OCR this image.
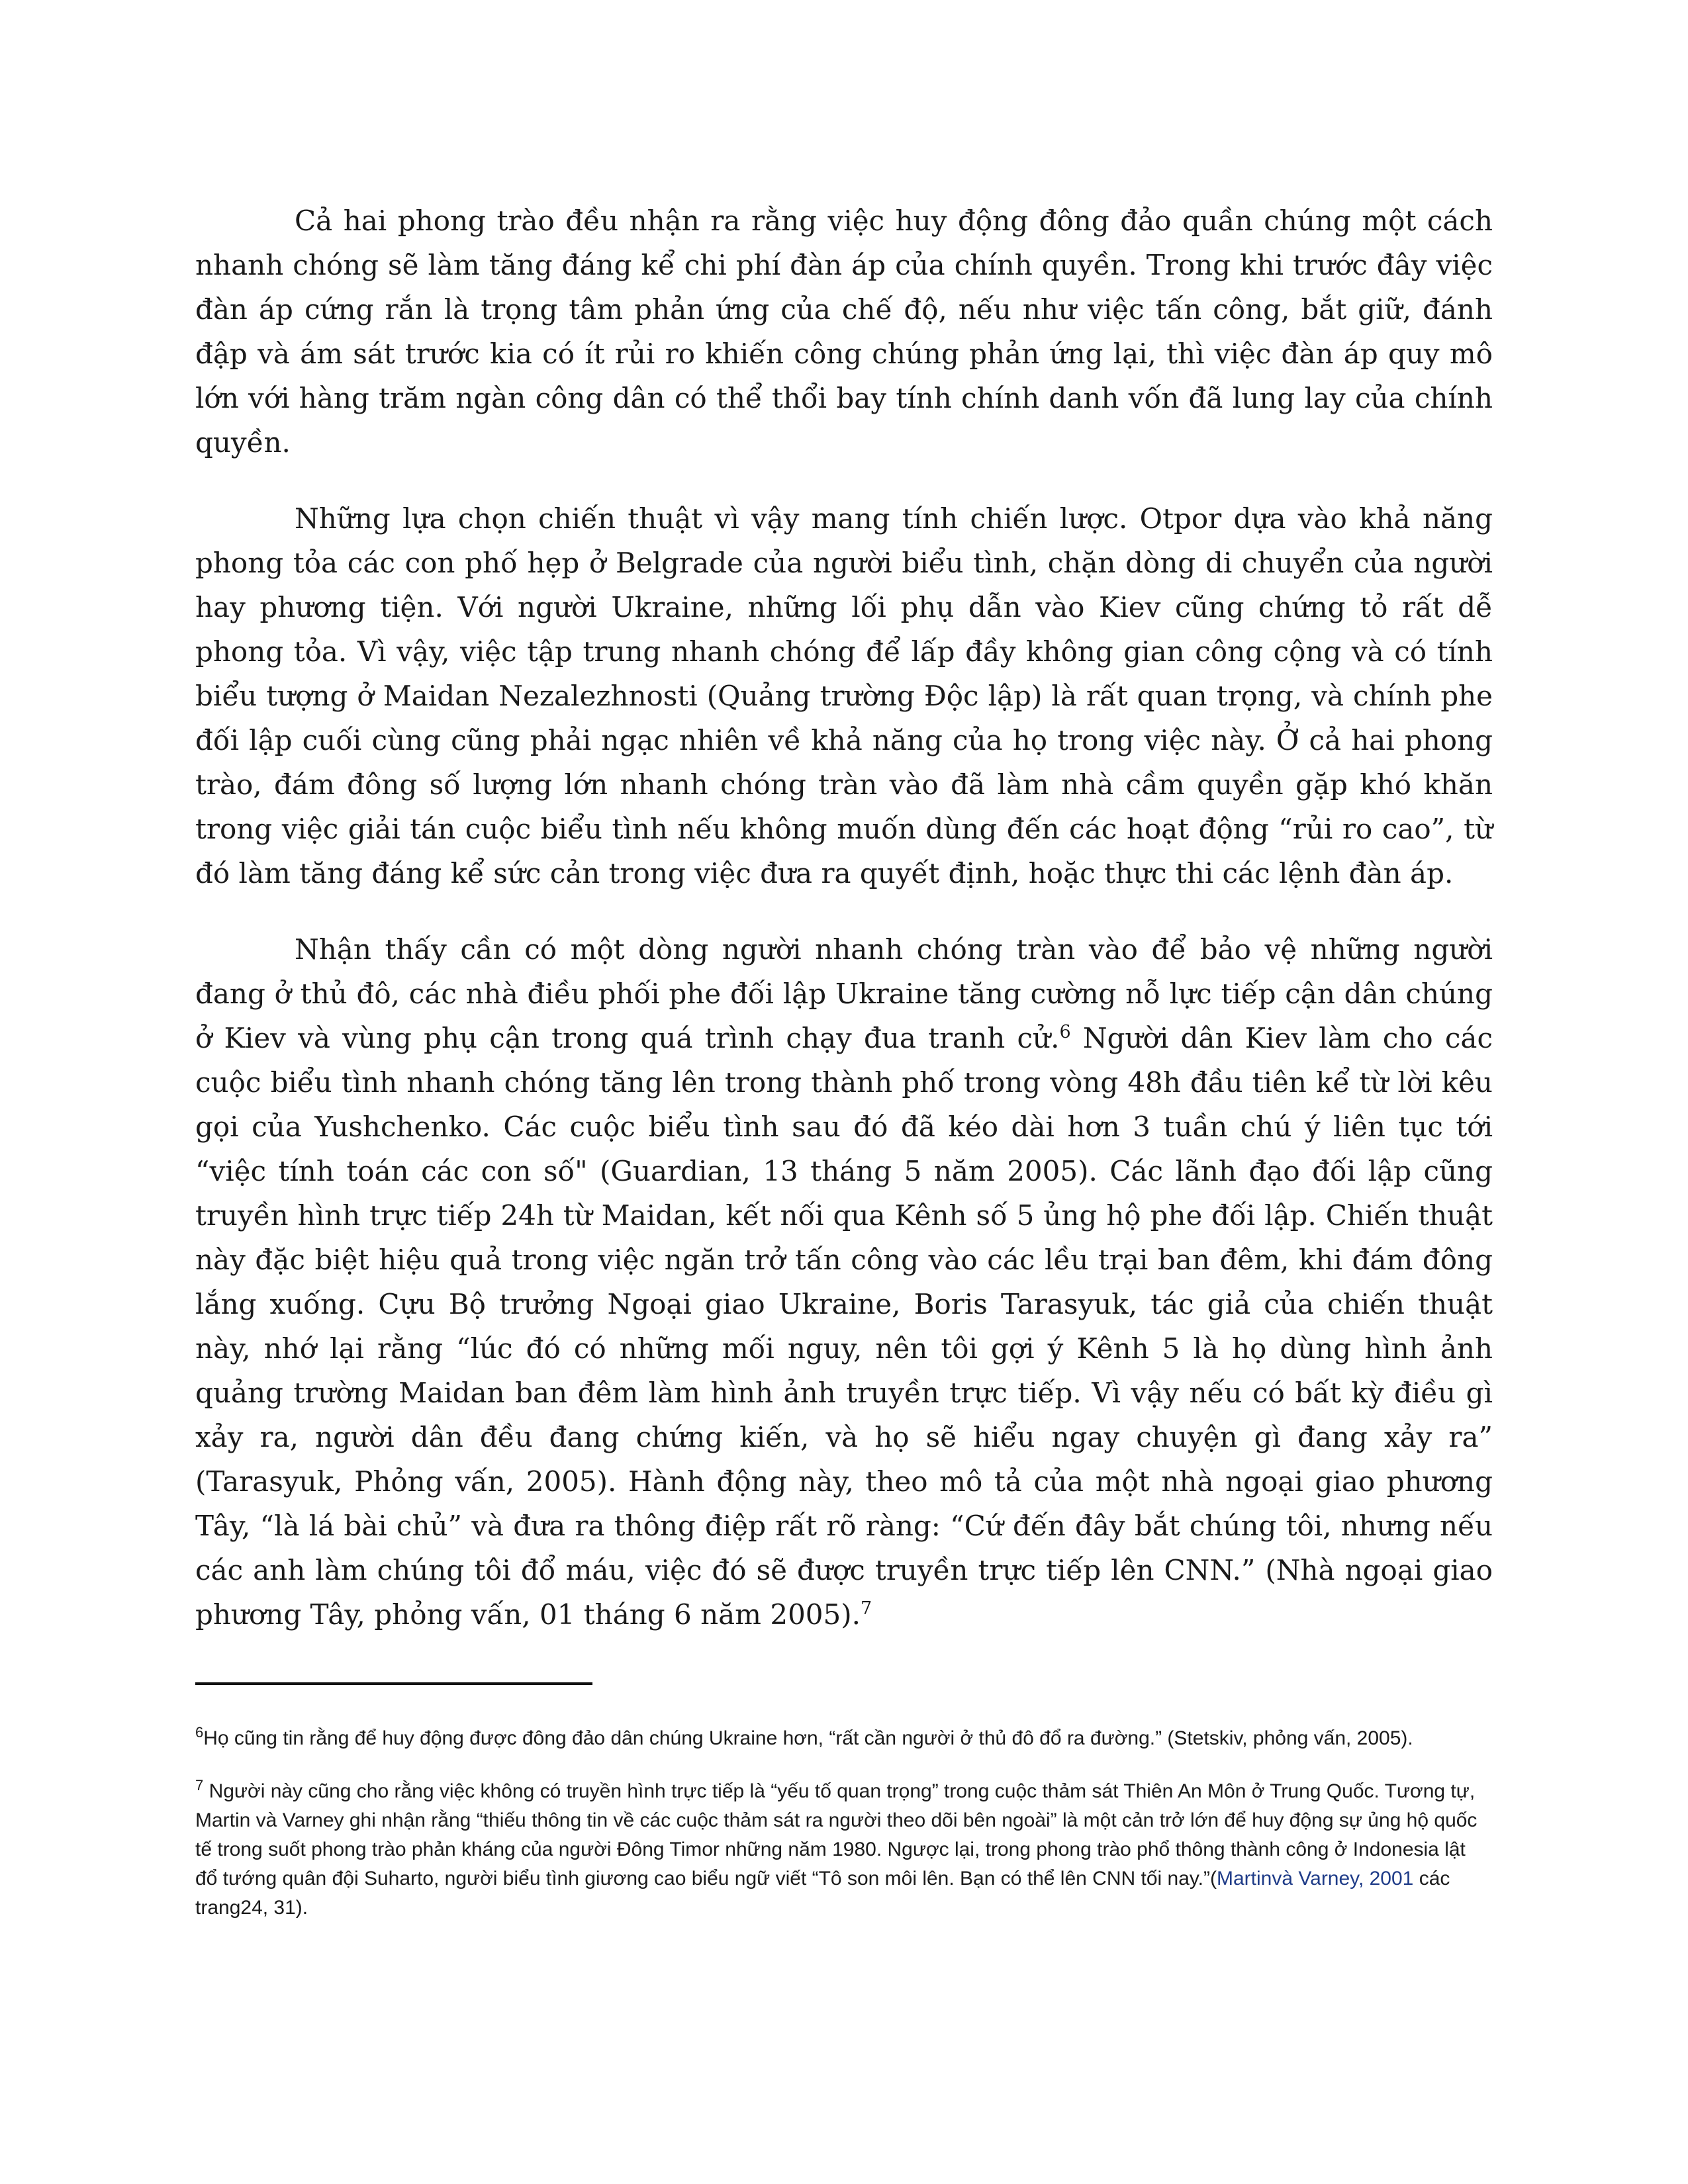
Cả hai phong trào đều nhận ra rằng việc huy động đông đảo quần chúng một cách nhanh chóng sẽ làm tăng đáng kể chi phí đàn áp của chính quyền. Trong khi trước đây việc đàn áp cứng rắn là trọng tâm phản ứng của chế độ, nếu như việc tấn công, bắt giữ, đánh đập và ám sát trước kia có ít rủi ro khiến công chúng phản ứng lại, thì việc đàn áp quy mô lớn với hàng trăm ngàn công dân có thể thổi bay tính chính danh vốn đã lung lay của chính quyền.

Những lựa chọn chiến thuật vì vậy mang tính chiến lược. Otpor dựa vào khả năng phong tỏa các con phố hẹp ở Belgrade của người biểu tình, chặn dòng di chuyển của người hay phương tiện. Với người Ukraine, những lối phụ dẫn vào Kiev cũng chứng tỏ rất dễ phong tỏa. Vì vậy, việc tập trung nhanh chóng để lấp đầy không gian công cộng và có tính biểu tượng ở Maidan Nezalezhnosti (Quảng trường Độc lập) là rất quan trọng, và chính phe đối lập cuối cùng cũng phải ngạc nhiên về khả năng của họ trong việc này. Ở cả hai phong trào, đám đông số lượng lớn nhanh chóng tràn vào đã làm nhà cầm quyền gặp khó khăn trong việc giải tán cuộc biểu tình nếu không muốn dùng đến các hoạt động “rủi ro cao”, từ đó làm tăng đáng kể sức cản trong việc đưa ra quyết định, hoặc thực thi các lệnh đàn áp.

Nhận thấy cần có một dòng người nhanh chóng tràn vào để bảo vệ những người đang ở thủ đô, các nhà điều phối phe đối lập Ukraine tăng cường nỗ lực tiếp cận dân chúng ở Kiev và vùng phụ cận trong quá trình chạy đua tranh cử.$^6$ Người dân Kiev làm cho các cuộc biểu tình nhanh chóng tăng lên trong thành phố trong vòng 48h đầu tiên kể từ lời kêu gọi của Yushchenko. Các cuộc biểu tình sau đó đã kéo dài hơn 3 tuần chú ý liên tục tới “việc tính toán các con số" (Guardian, 13 tháng 5 năm 2005). Các lãnh đạo đối lập cũng truyền hình trực tiếp 24h từ Maidan, kết nối qua Kênh số 5 ủng hộ phe đối lập. Chiến thuật này đặc biệt hiệu quả trong việc ngăn trở tấn công vào các lều trại ban đêm, khi đám đông lắng xuống. Cựu Bộ trưởng Ngoại giao Ukraine, Boris Tarasyuk, tác giả của chiến thuật này, nhớ lại rằng “lúc đó có những mối nguy, nên tôi gợi ý Kênh 5 là họ dùng hình ảnh quảng trường Maidan ban đêm làm hình ảnh truyền trực tiếp. Vì vậy nếu có bất kỳ điều gì xảy ra, người dân đều đang chứng kiến, và họ sẽ hiểu ngay chuyện gì đang xảy ra” (Tarasyuk, Phỏng vấn, 2005). Hành động này, theo mô tả của một nhà ngoại giao phương Tây, “là lá bài chủ” và đưa ra thông điệp rất rõ ràng: “Cứ đến đây bắt chúng tôi, nhưng nếu các anh làm chúng tôi đổ máu, việc đó sẽ được truyền trực tiếp lên CNN.” (Nhà ngoại giao phương Tây, phỏng vấn, 01 tháng 6 năm 2005).$^7$

$^6$Họ cũng tin rằng để huy động được đông đảo dân chúng Ukraine hơn, “rất cần người ở thủ đô đổ ra đường.” (Stetskiv, phỏng vấn, 2005).

$^7$ Người này cũng cho rằng việc không có truyền hình trực tiếp là “yếu tố quan trọng” trong cuộc thảm sát Thiên An Môn ở Trung Quốc. Tương tự, Martin và Varney ghi nhận rằng “thiếu thông tin về các cuộc thảm sát ra người theo dõi bên ngoài” là một cản trở lớn để huy động sự ủng hộ quốc tế trong suốt phong trào phản kháng của người Đông Timor những năm 1980. Ngược lại, trong phong trào phổ thông thành công ở Indonesia lật đổ tướng quân đội Suharto, người biểu tình giương cao biểu ngữ viết “Tô son môi lên. Bạn có thể lên CNN tối nay.”(Martinvà Varney, 2001 các trang24, 31).
